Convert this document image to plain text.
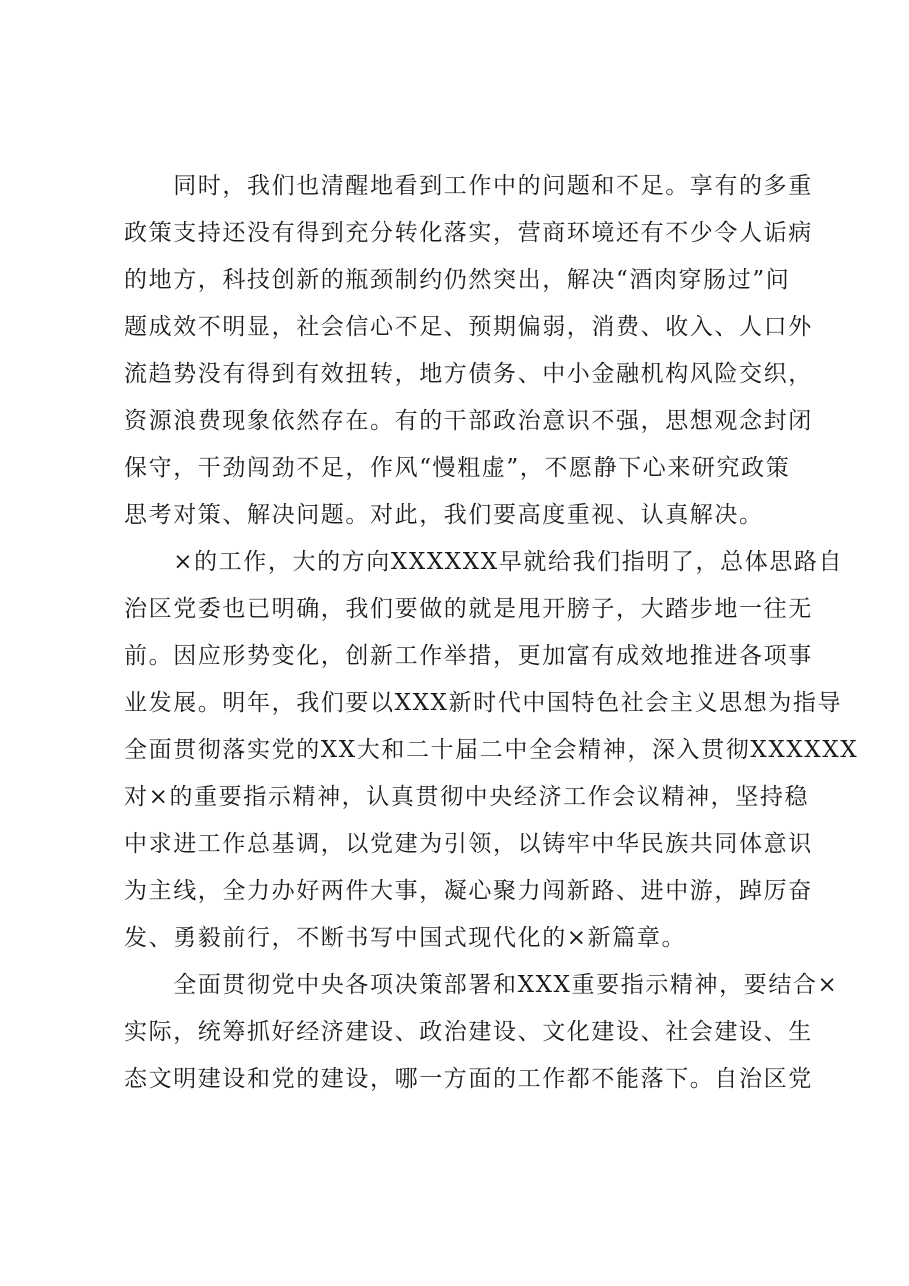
　　同时，我们也清醒地看到工作中的问题和不足。享有的多重
政策支持还没有得到充分转化落实，营商环境还有不少令人诟病
的地方，科技创新的瓶颈制约仍然突出，解决“酒肉穿肠过”问
题成效不明显，社会信心不足、预期偏弱，消费、收入、人口外
流趋势没有得到有效扭转，地方债务、中小金融机构风险交织，
资源浪费现象依然存在。有的干部政治意识不强，思想观念封闭
保守，干劲闯劲不足，作风“慢粗虚”，不愿静下心来研究政策
思考对策、解决问题。对此，我们要高度重视、认真解决。

　　×的工作，大的方向XXXXXX早就给我们指明了，总体思路自
治区党委也已明确，我们要做的就是甩开膀子，大踏步地一往无
前。因应形势变化，创新工作举措，更加富有成效地推进各项事
业发展。明年，我们要以XXX新时代中国特色社会主义思想为指导
全面贯彻落实党的XX大和二十届二中全会精神，深入贯彻XXXXXX
对×的重要指示精神，认真贯彻中央经济工作会议精神，坚持稳
中求进工作总基调，以党建为引领，以铸牢中华民族共同体意识
为主线，全力办好两件大事，凝心聚力闯新路、进中游，踔厉奋
发、勇毅前行，不断书写中国式现代化的×新篇章。

　　全面贯彻党中央各项决策部署和XXX重要指示精神，要结合×
实际，统筹抓好经济建设、政治建设、文化建设、社会建设、生
态文明建设和党的建设，哪一方面的工作都不能落下。自治区党
